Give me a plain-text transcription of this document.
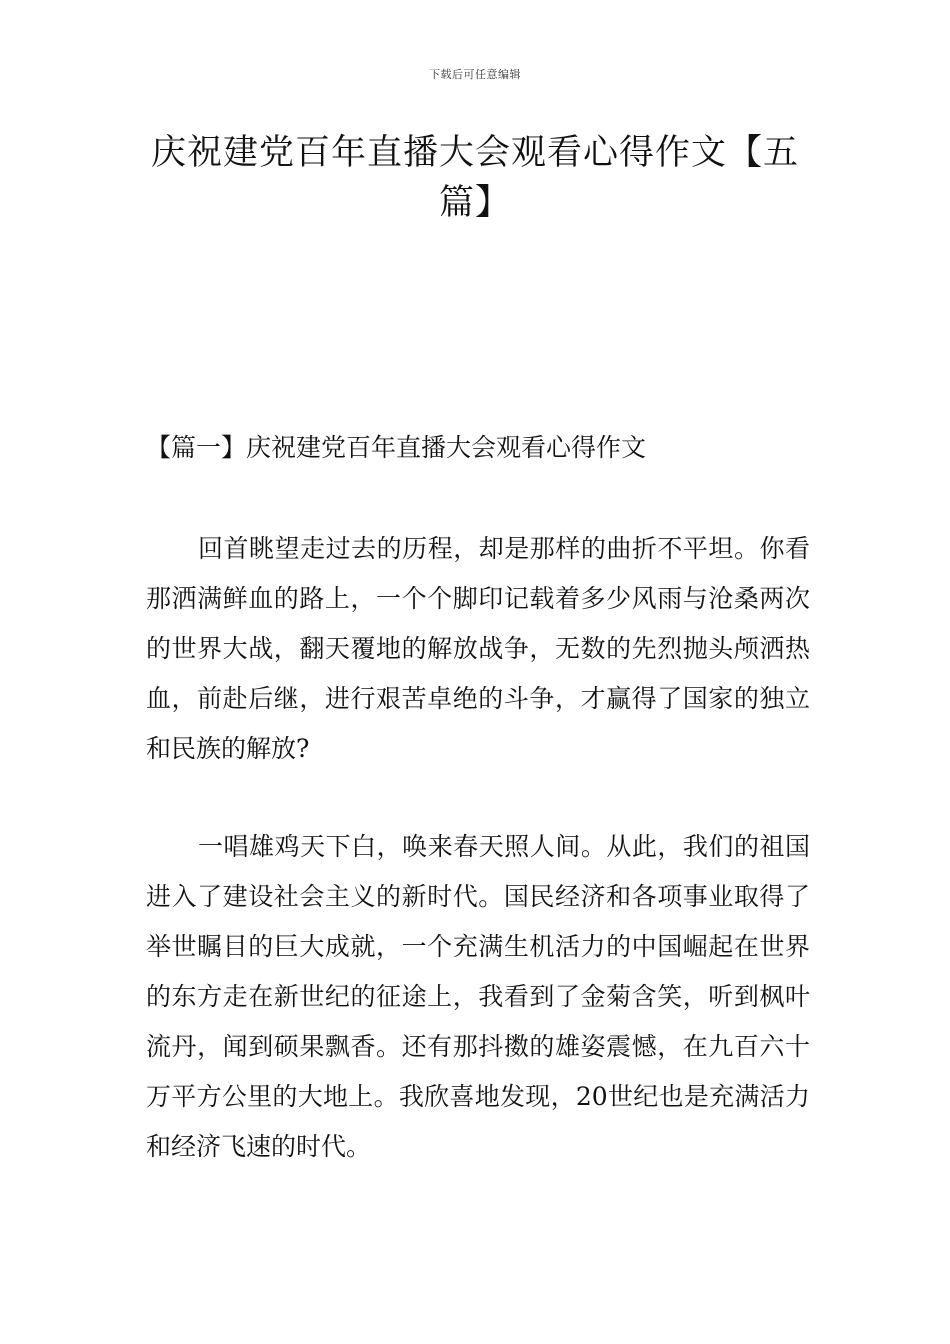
下载后可任意编辑
庆祝建党百年直播大会观看心得作文【五篇】
【篇一】庆祝建党百年直播大会观看心得作文

回首眺望走过去的历程，却是那样的曲折不平坦。你看那洒满鲜血的路上，一个个脚印记载着多少风雨与沧桑两次的世界大战，翻天覆地的解放战争，无数的先烈抛头颅洒热血，前赴后继，进行艰苦卓绝的斗争，才赢得了国家的独立和民族的解放?

一唱雄鸡天下白，唤来春天照人间。从此，我们的祖国进入了建设社会主义的新时代。国民经济和各项事业取得了举世瞩目的巨大成就，一个充满生机活力的中国崛起在世界的东方走在新世纪的征途上，我看到了金菊含笑，听到枫叶流丹，闻到硕果飘香。还有那抖擞的雄姿震憾，在九百六十万平方公里的大地上。我欣喜地发现，20世纪也是充满活力和经济飞速的时代。
